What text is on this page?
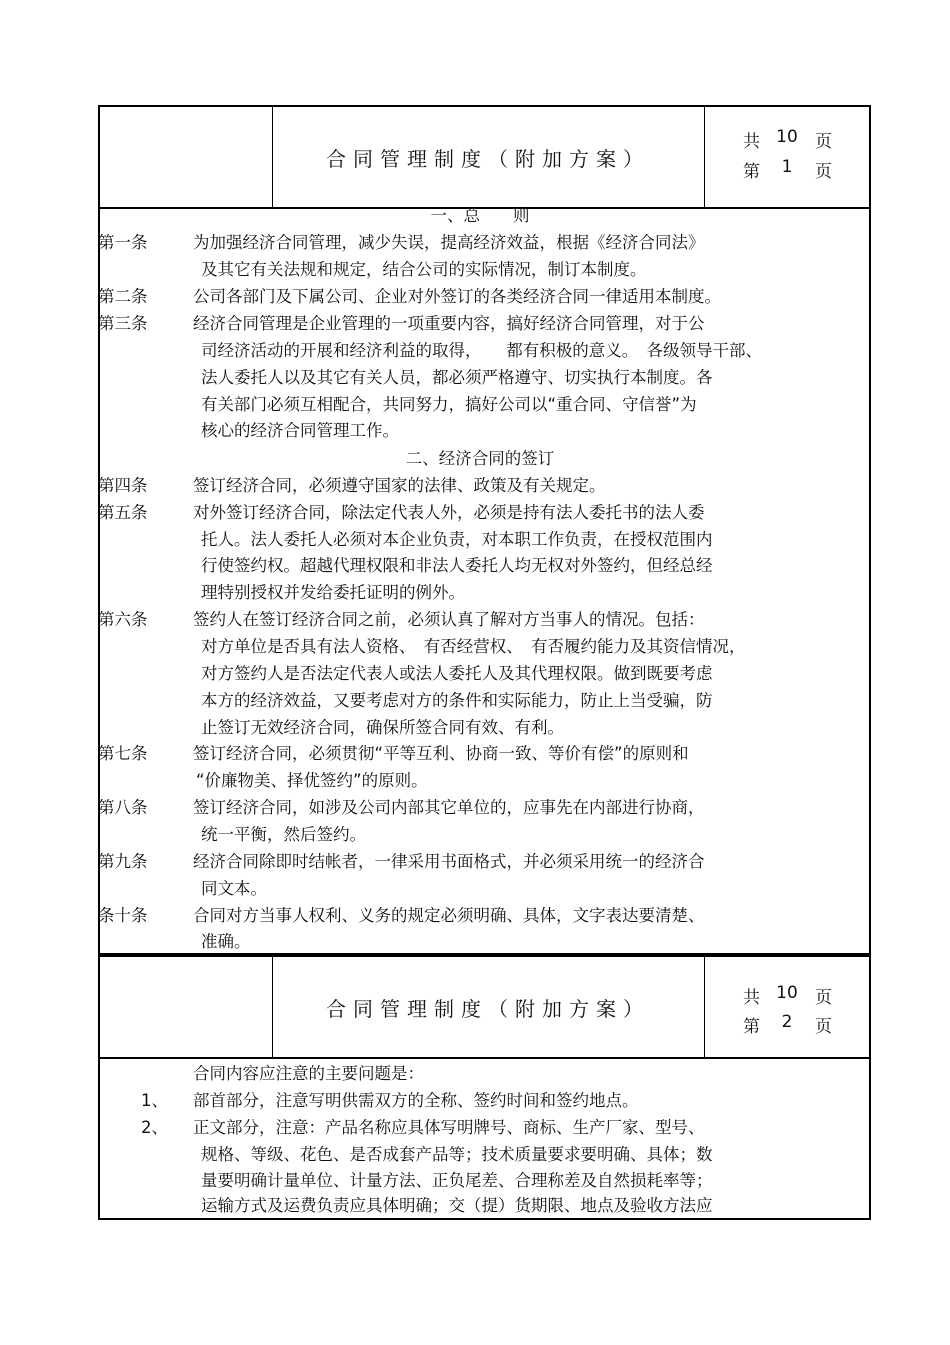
合同管理制度（附加方案）
共 10	页
第	1	页
合同管理制度（附加方案）	共 10	页
第	2	页
一、总　　则
第一条	为加强经济合同管理，减少失误，提高经济效益，根据《经济合同法》
及其它有关法规和规定，结合公司的实际情况，制订本制度。
第二条	公司各部门及下属公司、企业对外签订的各类经济合同一律适用本制度。
第三条	经济合同管理是企业管理的一项重要内容，搞好经济合同管理，对于公
司经济活动的开展和经济利益的取得，　　都有积极的意义。　各级领导干部、
法人委托人以及其它有关人员，都必须严格遵守、切实执行本制度。各
有关部门必须互相配合，共同努力，搞好公司以“重合同、守信誉”为
核心的经济合同管理工作。
二、经济合同的签订
第四条	签订经济合同，必须遵守国家的法律、政策及有关规定。
第五条	对外签订经济合同，除法定代表人外，必须是持有法人委托书的法人委
托人。法人委托人必须对本企业负责，对本职工作负责，在授权范围内
行使签约权。超越代理权限和非法人委托人均无权对外签约，但经总经
理特别授权并发给委托证明的例外。
第六条	签约人在签订经济合同之前，必须认真了解对方当事人的情况。包括：
对方单位是否具有法人资格、　有否经营权、　有否履约能力及其资信情况，
对方签约人是否法定代表人或法人委托人及其代理权限。做到既要考虑
本方的经济效益，又要考虑对方的条件和实际能力，防止上当受骗，防
止签订无效经济合同，确保所签合同有效、有利。
第七条	签订经济合同，必须贯彻“平等互利、协商一致、等价有偿”的原则和
“价廉物美、择优签约”的原则。
第八条	签订经济合同，如涉及公司内部其它单位的，应事先在内部进行协商，
统一平衡，然后签约。
第九条	经济合同除即时结帐者，一律采用书面格式，并必须采用统一的经济合
同文本。
条十条	合同对方当事人权利、义务的规定必须明确、具体，文字表达要清楚、
准确。
合同内容应注意的主要问题是：
1、 部首部分，注意写明供需双方的全称、签约时间和签约地点。
2、 正文部分，注意：产品名称应具体写明牌号、商标、生产厂家、型号、
规格、等级、花色、是否成套产品等；技术质量要求要明确、具体；数
量要明确计量单位、计量方法、正负尾差、合理称差及自然损耗率等；
运输方式及运费负责应具体明确；交（提）货期限、地点及验收方法应
